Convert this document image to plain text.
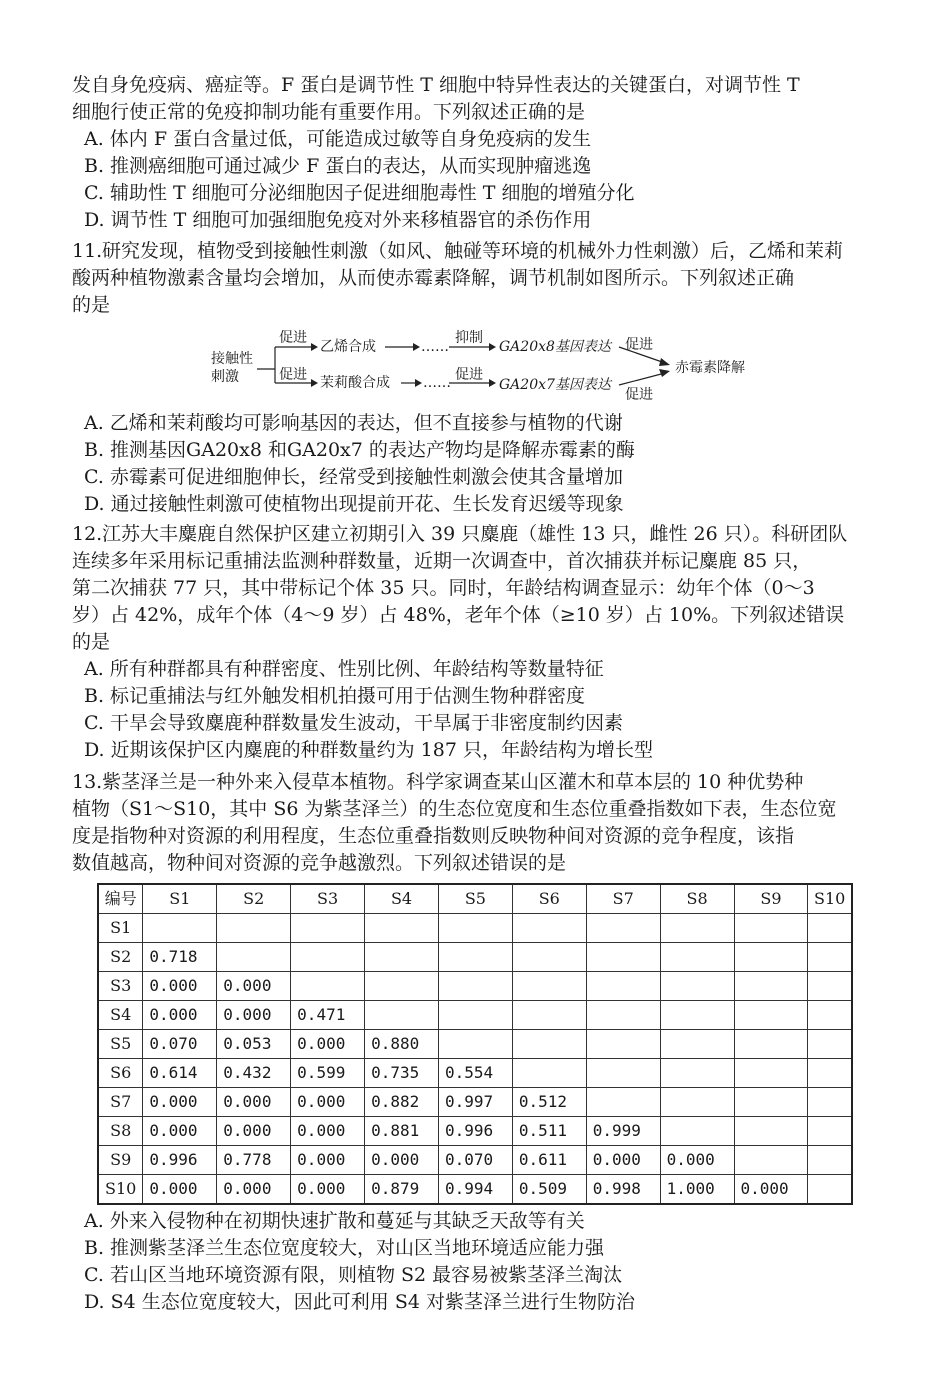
发自身免疫病、癌症等。F 蛋白是调节性 T 细胞中特异性表达的关键蛋白，对调节性 T
细胞行使正常的免疫抑制功能有重要作用。下列叙述正确的是
A. 体内 F 蛋白含量过低，可能造成过敏等自身免疫病的发生
B. 推测癌细胞可通过减少 F 蛋白的表达，从而实现肿瘤逃逸
C. 辅助性 T 细胞可分泌细胞因子促进细胞毒性 T 细胞的增殖分化
D. 调节性 T 细胞可加强细胞免疫对外来移植器官的杀伤作用
11. 研究发现，植物受到接触性刺激（如风、触碰等环境的机械外力性刺激）后，乙烯和茉莉
酸两种植物激素含量均会增加，从而使赤霉素降解，调节机制如图所示。下列叙述正确
的是
接触性
刺激
促进
促进
乙烯合成
茉莉酸合成
……
……
抑制
促进
GA20x8基因表达
GA20x7基因表达
促进
促进
赤霉素降解
A. 乙烯和茉莉酸均可影响基因的表达，但不直接参与植物的代谢
B. 推测基因GA20x8 和GA20x7 的表达产物均是降解赤霉素的酶
C. 赤霉素可促进细胞伸长，经常受到接触性刺激会使其含量增加
D. 通过接触性刺激可使植物出现提前开花、生长发育迟缓等现象
12. 江苏大丰麋鹿自然保护区建立初期引入 39 只麋鹿（雄性 13 只，雌性 26 只）。科研团队
连续多年采用标记重捕法监测种群数量，近期一次调查中，首次捕获并标记麋鹿 85 只，
第二次捕获 77 只，其中带标记个体 35 只。同时，年龄结构调查显示：幼年个体（0～3
岁）占 42%，成年个体（4～9 岁）占 48%，老年个体（≥10 岁）占 10%。下列叙述错误
的是
A. 所有种群都具有种群密度、性别比例、年龄结构等数量特征
B. 标记重捕法与红外触发相机拍摄可用于估测生物种群密度
C. 干旱会导致麋鹿种群数量发生波动，干旱属于非密度制约因素
D. 近期该保护区内麋鹿的种群数量约为 187 只，年龄结构为增长型
13. 紫茎泽兰是一种外来入侵草本植物。科学家调查某山区灌木和草本层的 10 种优势种
植物（S1～S10，其中 S6 为紫茎泽兰）的生态位宽度和生态位重叠指数如下表，生态位宽
度是指物种对资源的利用程度，生态位重叠指数则反映物种间对资源的竞争程度，该指
数值越高，物种间对资源的竞争越激烈。下列叙述错误的是
编号	S1	S2	S3	S4	S5	S6	S7	S8	S9	S10
S1										
S2	0.718									
S3	0.000	0.000								
S4	0.000	0.000	0.471							
S5	0.070	0.053	0.000	0.880						
S6	0.614	0.432	0.599	0.735	0.554					
S7	0.000	0.000	0.000	0.882	0.997	0.512				
S8	0.000	0.000	0.000	0.881	0.996	0.511	0.999			
S9	0.996	0.778	0.000	0.000	0.070	0.611	0.000	0.000		
S10	0.000	0.000	0.000	0.879	0.994	0.509	0.998	1.000	0.000	
A. 外来入侵物种在初期快速扩散和蔓延与其缺乏天敌等有关
B. 推测紫茎泽兰生态位宽度较大，对山区当地环境适应能力强
C. 若山区当地环境资源有限，则植物 S2 最容易被紫茎泽兰淘汰
D. S4 生态位宽度较大，因此可利用 S4 对紫茎泽兰进行生物防治
